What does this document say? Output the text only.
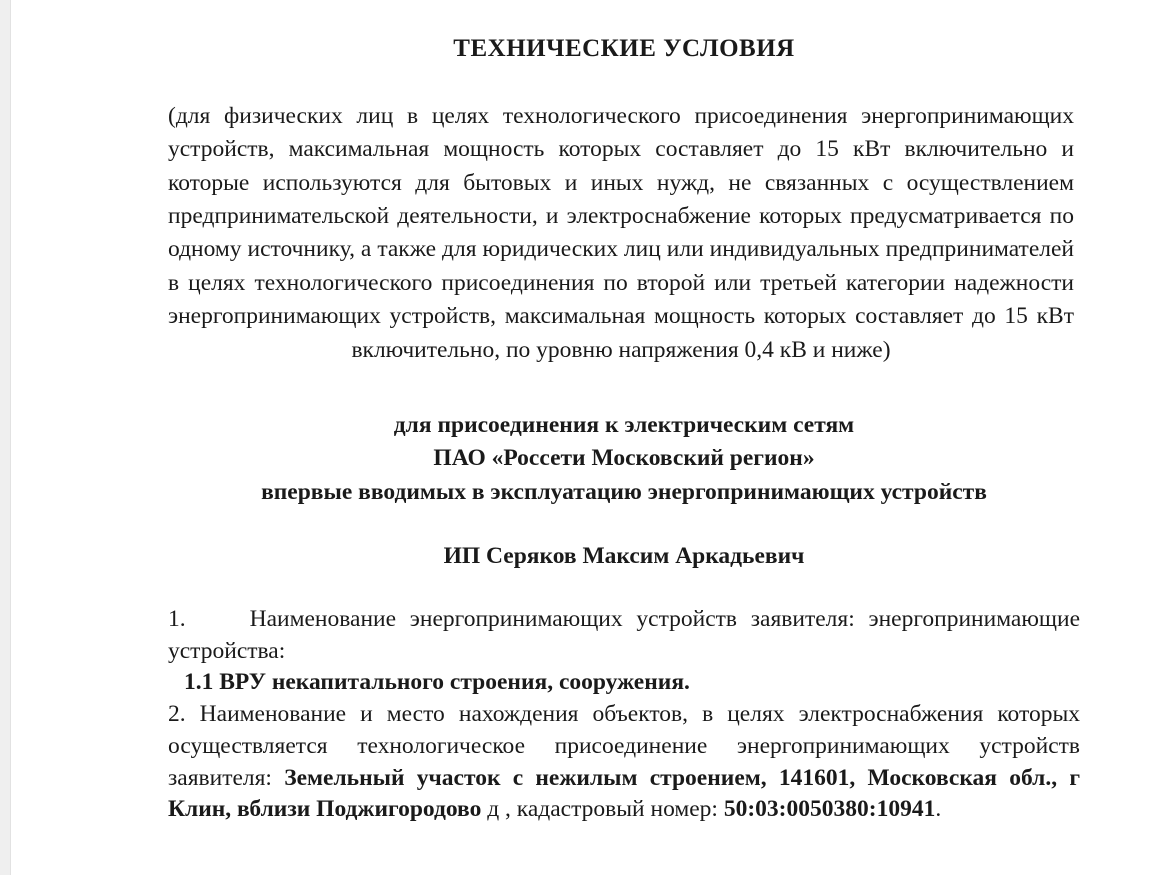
ТЕХНИЧЕСКИЕ УСЛОВИЯ

(для физических лиц в целях технологического присоединения энергопринимающих устройств, максимальная мощность которых составляет до 15 кВт включительно и которые используются для бытовых и иных нужд, не связанных с осуществлением предпринимательской деятельности, и электроснабжение которых предусматривается по одному источнику, а также для юридических лиц или индивидуальных предпринимателей в целях технологического присоединения по второй или третьей категории надежности энергопринимающих устройств, максимальная мощность которых составляет до 15 кВт включительно, по уровню напряжения 0,4 кВ и ниже)

для присоединения к электрическим сетям
ПАО «Россети Московский регион»
впервые вводимых в эксплуатацию энергопринимающих устройств
ИП Серяков Максим Аркадьевич

1.	Наименование энергопринимающих устройств заявителя: энергопринимающие устройства:

1.1 ВРУ некапитального строения, сооружения.

2. Наименование и место нахождения объектов, в целях электроснабжения которых осуществляется технологическое присоединение энергопринимающих устройств заявителя: Земельный участок с нежилым строением, 141601, Московская обл., г Клин, вблизи Поджигородово д , кадастровый номер: 50:03:0050380:10941.
